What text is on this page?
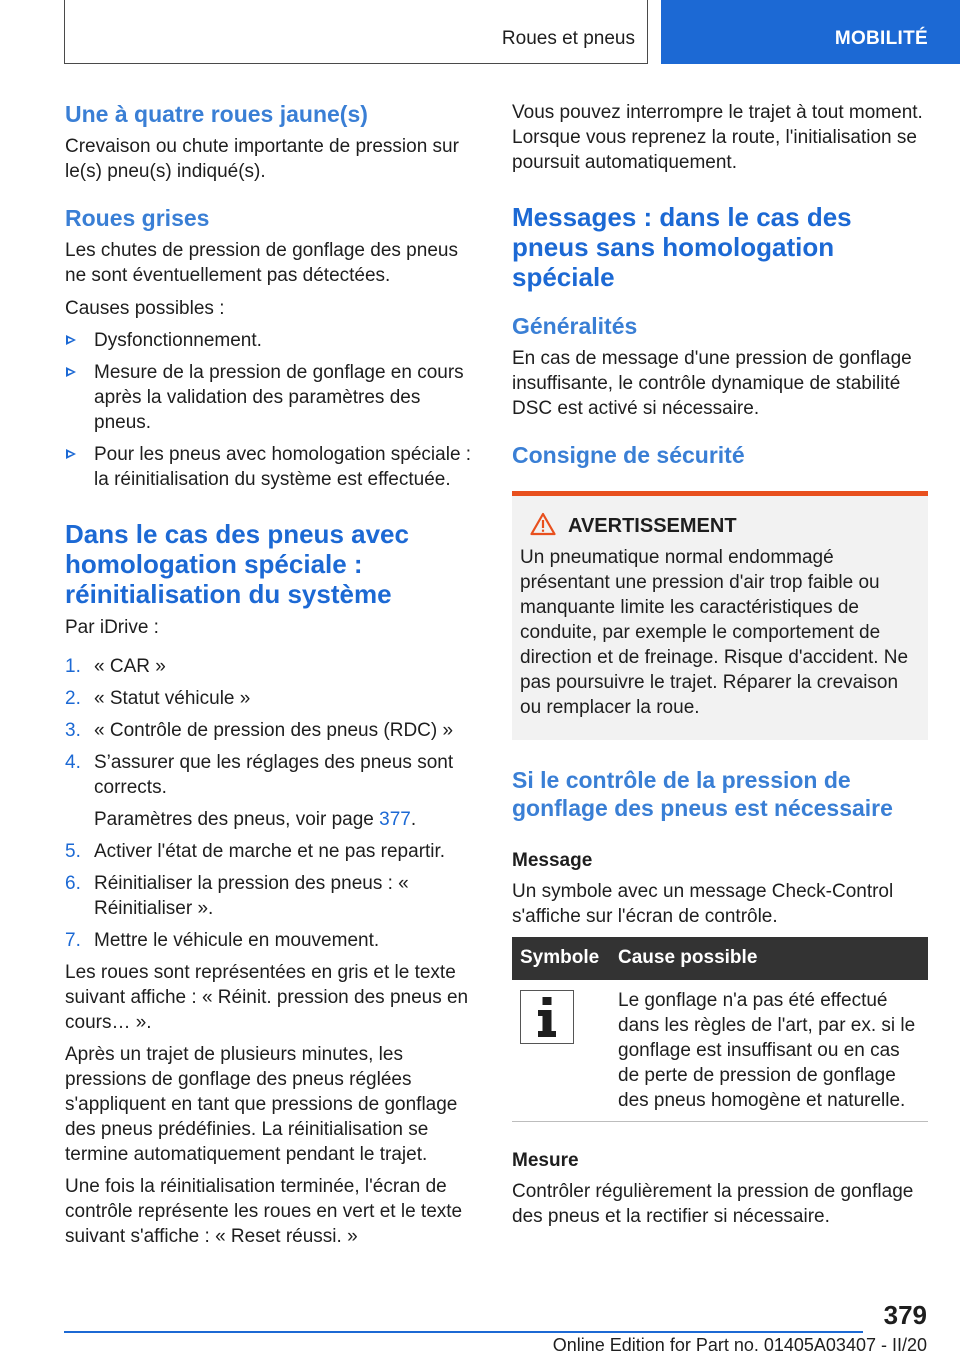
Roues et pneus	MOBILITÉ
Une à quatre roues jaune(s)

Crevaison ou chute importante de pression sur le(s) pneu(s) indiqué(s).

Roues grises

Les chutes de pression de gonflage des pneus ne sont éventuellement pas détectées.

Causes possibles :

Dysfonctionnement.
Mesure de la pression de gonflage en cours après la validation des paramètres des pneus.
Pour les pneus avec homologation spéciale : la réinitialisation du système est effectuée.
Dans le cas des pneus avec homologation spéciale : réinitialisation du système

Par iDrive :

1. « CAR »
2. « Statut véhicule »
3. « Contrôle de pression des pneus (RDC) »
4. S’assurer que les réglages des pneus sont corrects.
Paramètres des pneus, voir page 377.
5. Activer l'état de marche et ne pas repartir.
6. Réinitialiser la pression des pneus : « Réinitialiser ».
7. Mettre le véhicule en mouvement.

Les roues sont représentées en gris et le texte suivant affiche : « Réinit. pression des pneus en cours… ».

Après un trajet de plusieurs minutes, les pressions de gonflage des pneus réglées s'appliquent en tant que pressions de gonflage des pneus prédéfinies. La réinitialisation se termine automatiquement pendant le trajet.

Une fois la réinitialisation terminée, l'écran de contrôle représente les roues en vert et le texte suivant s'affiche : « Reset réussi. »

Vous pouvez interrompre le trajet à tout moment. Lorsque vous reprenez la route, l'initialisation se poursuit automatiquement.

Messages : dans le cas des pneus sans homologation spéciale
Généralités

En cas de message d'une pression de gonflage insuffisante, le contrôle dynamique de stabilité DSC est activé si nécessaire.

Consigne de sécurité
AVERTISSEMENT

Un pneumatique normal endommagé présentant une pression d'air trop faible ou manquante limite les caractéristiques de conduite, par exemple le comportement de direction et de freinage. Risque d'accident. Ne pas poursuivre le trajet. Réparer la crevaison ou remplacer la roue.

Si le contrôle de la pression de gonflage des pneus est nécessaire
Message

Un symbole avec un message Check-Control s'affiche sur l'écran de contrôle.

Symbole	Cause possible

	Le gonflage n'a pas été effectué dans les règles de l'art, par ex. si le gonflage est insuffisant ou en cas de perte de pression de gonflage des pneus homogène et naturelle.
Mesure

Contrôler régulièrement la pression de gonflage des pneus et la rectifier si nécessaire.

379
Online Edition for Part no. 01405A03407 - II/20
